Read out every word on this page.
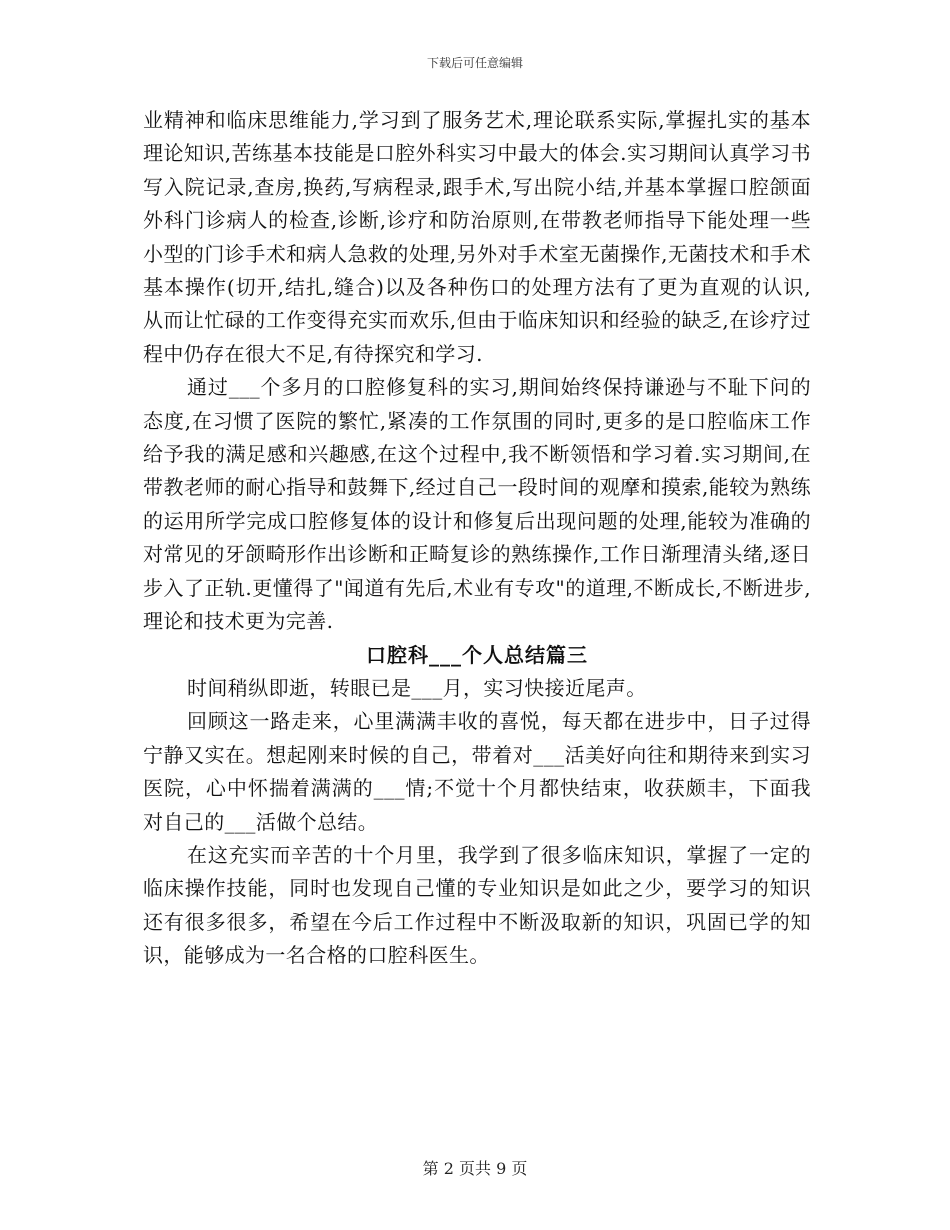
下载后可任意编辑

业精神和临床思维能力,学习到了服务艺术,理论联系实际,掌握扎实的基本理论知识,苦练基本技能是口腔外科实习中最大的体会.实习期间认真学习书写入院记录,查房,换药,写病程录,跟手术,写出院小结,并基本掌握口腔颌面外科门诊病人的检查,诊断,诊疗和防治原则,在带教老师指导下能处理一些小型的门诊手术和病人急救的处理,另外对手术室无菌操作,无菌技术和手术基本操作(切开,结扎,缝合)以及各种伤口的处理方法有了更为直观的认识,从而让忙碌的工作变得充实而欢乐,但由于临床知识和经验的缺乏,在诊疗过程中仍存在很大不足,有待探究和学习.

通过___个多月的口腔修复科的实习,期间始终保持谦逊与不耻下问的态度,在习惯了医院的繁忙,紧凑的工作氛围的同时,更多的是口腔临床工作给予我的满足感和兴趣感,在这个过程中,我不断领悟和学习着.实习期间,在带教老师的耐心指导和鼓舞下,经过自己一段时间的观摩和摸索,能较为熟练的运用所学完成口腔修复体的设计和修复后出现问题的处理,能较为准确的对常见的牙颌畸形作出诊断和正畸复诊的熟练操作,工作日渐理清头绪,逐日步入了正轨.更懂得了"闻道有先后,术业有专攻"的道理,不断成长,不断进步,理论和技术更为完善.

口腔科___个人总结篇三

时间稍纵即逝，转眼已是___月，实习快接近尾声。

回顾这一路走来，心里满满丰收的喜悦，每天都在进步中，日子过得宁静又实在。想起刚来时候的自己，带着对___活美好向往和期待来到实习医院，心中怀揣着满满的___情;不觉十个月都快结束，收获颇丰，下面我对自己的___活做个总结。

在这充实而辛苦的十个月里，我学到了很多临床知识，掌握了一定的临床操作技能，同时也发现自己懂的专业知识是如此之少，要学习的知识还有很多很多，希望在今后工作过程中不断汲取新的知识，巩固已学的知识，能够成为一名合格的口腔科医生。

第 2 页共 9 页
